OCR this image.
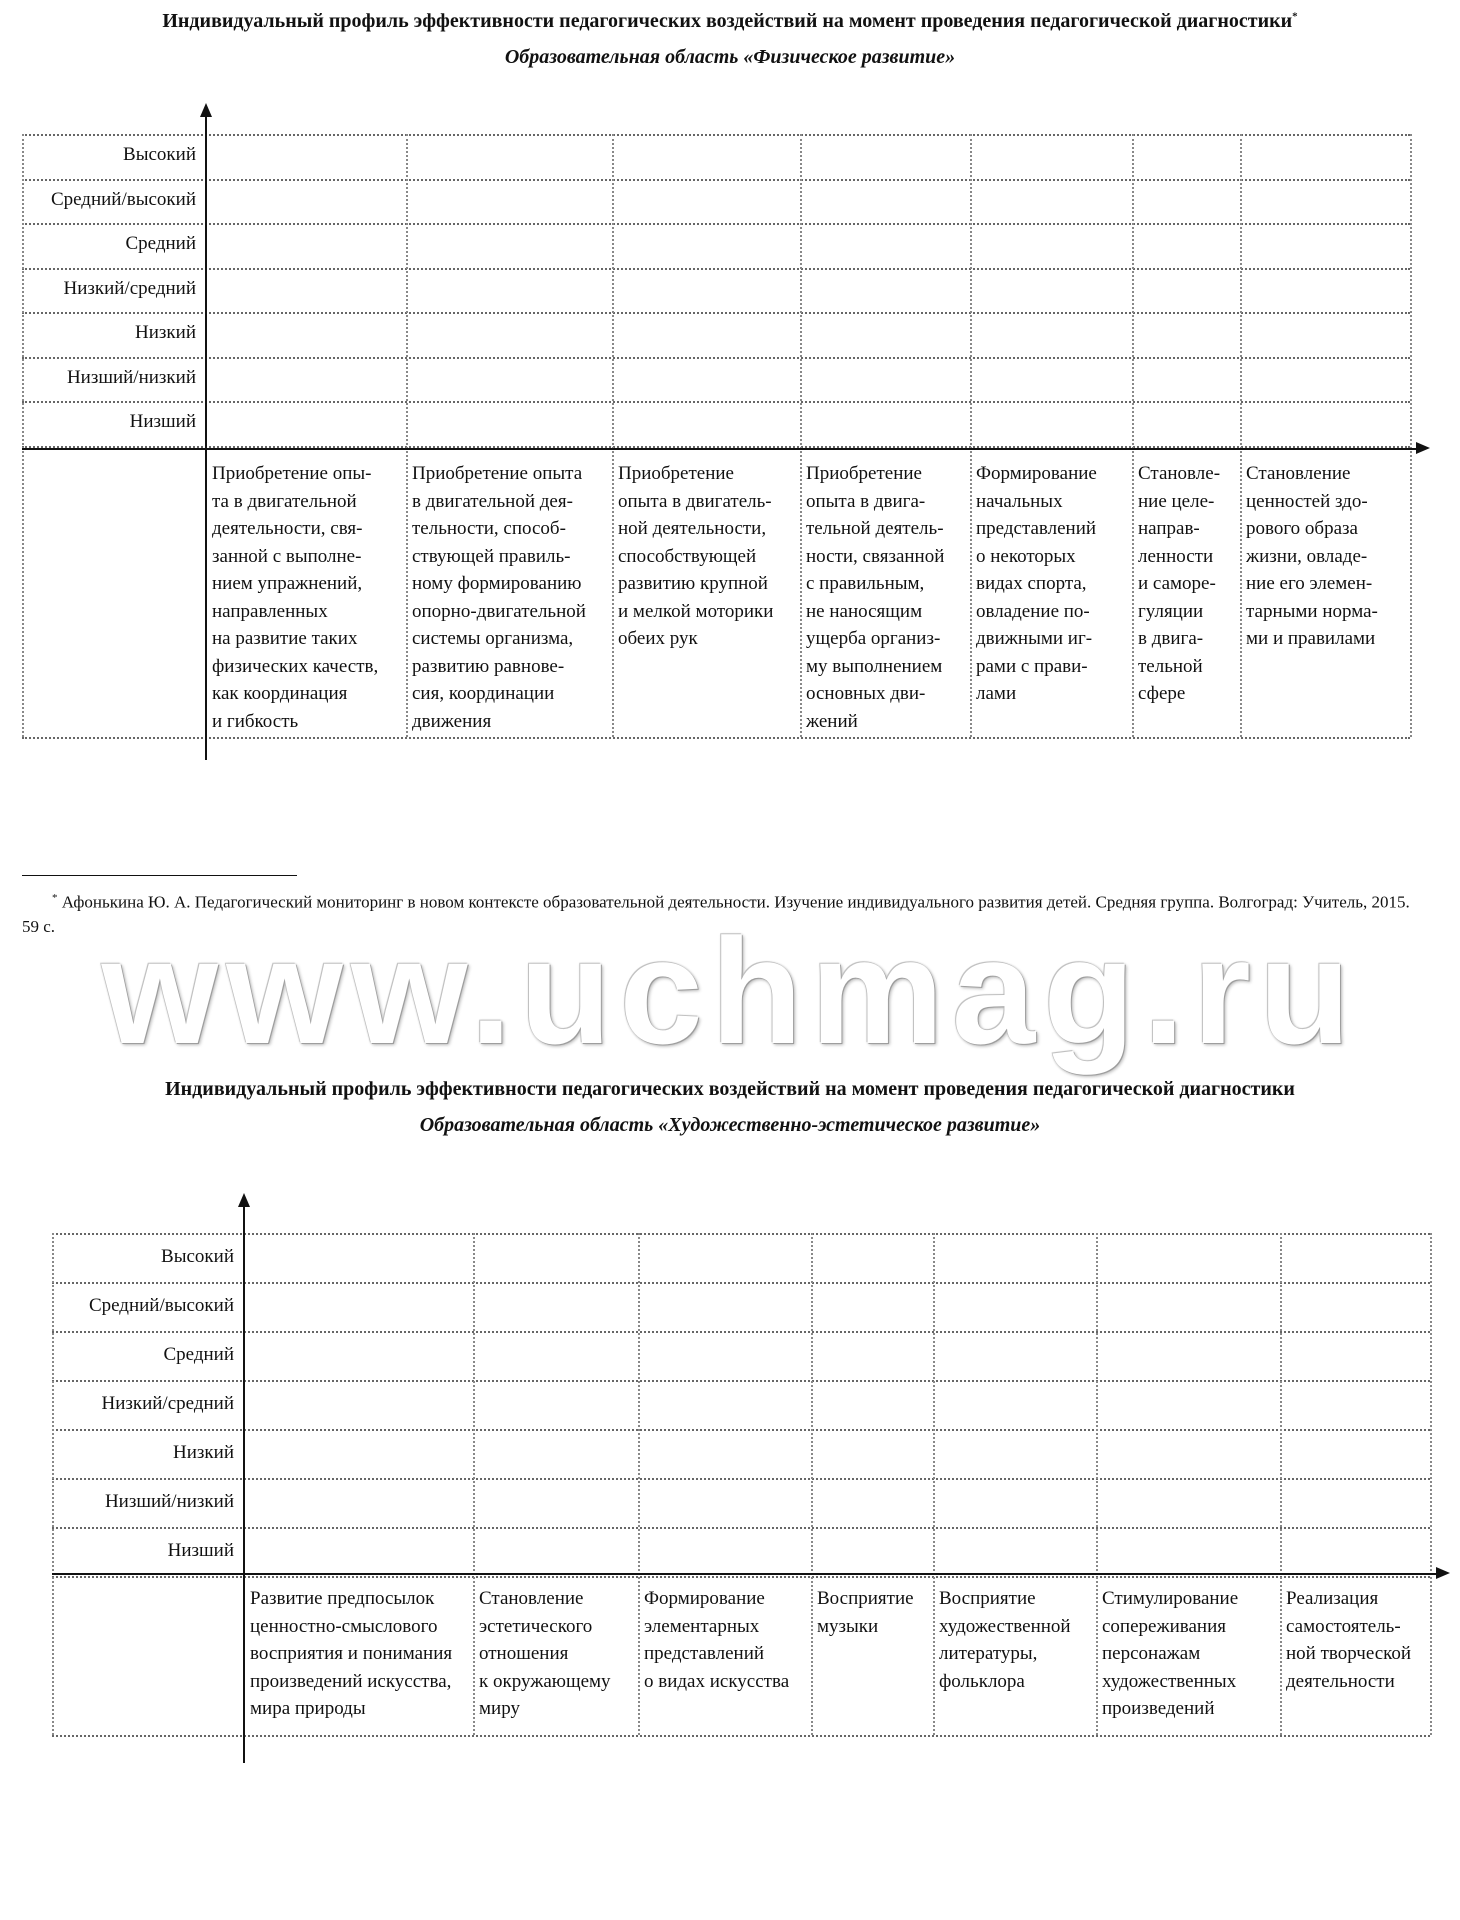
Индивидуальный профиль эффективности педагогических воздействий на момент проведения педагогической диагностики*
Образовательная область «Физическое развитие»
Высокий
Средний/высокий
Средний
Низкий/средний
Низкий
Низший/низкий
Низший
Приобретение опы-
та в двигательной
деятельности, свя-
занной с выполне-
нием упражнений,
направленных
на развитие таких
физических качеств,
как координация
и гибкость
Приобретение опыта
в двигательной дея-
тельности, способ-
ствующей правиль-
ному формированию
опорно-двигательной
системы организма,
развитию равнове-
сия, координации
движения
Приобретение
опыта в двигатель-
ной деятельности,
способствующей
развитию крупной
и мелкой моторики
обеих рук
Приобретение
опыта в двига-
тельной деятель-
ности, связанной
с правильным,
не наносящим
ущерба организ-
му выполнением
основных дви-
жений
Формирование
начальных
представлений
о некоторых
видах спорта,
овладение по-
движными иг-
рами с прави-
лами
Становле-
ние целе-
направ-
ленности
и саморе-
гуляции
в двига-
тельной
сфере
Становление
ценностей здо-
рового образа
жизни, овладе-
ние его элемен-
тарными норма-
ми и правилами
* Афонькина Ю. А. Педагогический мониторинг в новом контексте образовательной деятельности. Изучение индивидуального развития детей. Средняя группа. Волгоград: Учитель, 2015. 59 с. www.uchmag.ru
Индивидуальный профиль эффективности педагогических воздействий на момент проведения педагогической диагностики
Образовательная область «Художественно-эстетическое развитие»
Высокий
Средний/высокий
Средний
Низкий/средний
Низкий
Низший/низкий
Низший
Развитие предпосылок
ценностно-смыслового
восприятия и понимания
произведений искусства,
мира природы
Становление
эстетического
отношения
к окружающему
миру
Формирование
элементарных
представлений
о видах искусства
Восприятие
музыки
Восприятие
художественной
литературы,
фольклора
Стимулирование
сопереживания
персонажам
художественных
произведений
Реализация
самостоятель-
ной творческой
деятельности
